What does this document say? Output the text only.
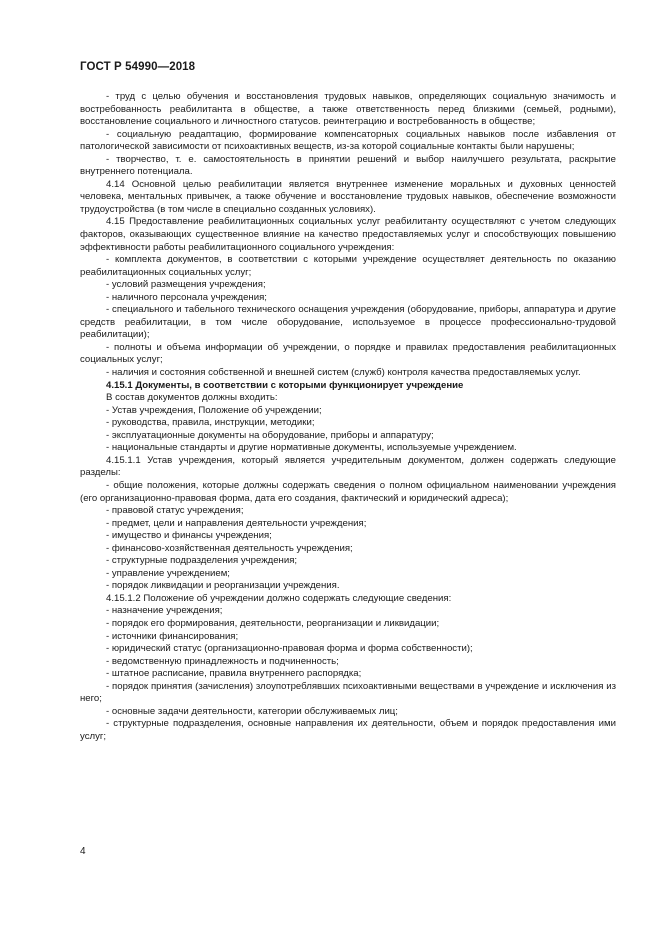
ГОСТ Р 54990—2018

- труд с целью обучения и восстановления трудовых навыков, определяющих социальную значимость и востребованность реабилитанта в обществе, а также ответственность перед близкими (семьей, родными), восстановление социального и личностного статусов. реинтеграцию и востребованность в обществе;

- социальную реадаптацию, формирование компенсаторных социальных навыков после избавления от патологической зависимости от психоактивных веществ, из-за которой социальные контакты были нарушены;

- творчество, т. е. самостоятельность в принятии решений и выбор наилучшего результата, раскрытие внутреннего потенциала.

4.14 Основной целью реабилитации является внутреннее изменение моральных и духовных ценностей человека, ментальных привычек, а также обучение и восстановление трудовых навыков, обеспечение возможности трудоустройства (в том числе в специально созданных условиях).

4.15 Предоставление реабилитационных социальных услуг реабилитанту осуществляют с учетом следующих факторов, оказывающих существенное влияние на качество предоставляемых услуг и способствующих повышению эффективности работы реабилитационного социального учреждения:

- комплекта документов, в соответствии с которыми учреждение осуществляет деятельность по оказанию реабилитационных социальных услуг;

- условий размещения учреждения;

- наличного персонала учреждения;

- специального и табельного технического оснащения учреждения (оборудование, приборы, аппаратура и другие средств реабилитации, в том числе оборудование, используемое в процессе профессионально-трудовой реабилитации);

- полноты и объема информации об учреждении, о порядке и правилах предоставления реабилитационных социальных услуг;

- наличия и состояния собственной и внешней систем (служб) контроля качества предоставляемых услуг.

4.15.1 Документы, в соответствии с которыми функционирует учреждение

В состав документов должны входить:

- Устав учреждения, Положение об учреждении;

- руководства, правила, инструкции, методики;

- эксплуатационные документы на оборудование, приборы и аппаратуру;

- национальные стандарты и другие нормативные документы, используемые учреждением.

4.15.1.1 Устав учреждения, который является учредительным документом, должен содержать следующие разделы:

- общие положения, которые должны содержать сведения о полном официальном наименовании учреждения (его организационно-правовая форма, дата его создания, фактический и юридический адреса);

- правовой статус учреждения;

- предмет, цели и направления деятельности учреждения;

- имущество и финансы учреждения;

- финансово-хозяйственная деятельность учреждения;

- структурные подразделения учреждения;

- управление учреждением;

- порядок ликвидации и реорганизации учреждения.

4.15.1.2 Положение об учреждении должно содержать следующие сведения:

- назначение учреждения;

- порядок его формирования, деятельности, реорганизации и ликвидации;

- источники финансирования;

- юридический статус (организационно-правовая форма и форма собственности);

- ведомственную принадлежность и подчиненность;

- штатное расписание, правила внутреннего распорядка;

- порядок принятия (зачисления) злоупотреблявших психоактивными веществами в учреждение и исключения из него;

- основные задачи деятельности, категории обслуживаемых лиц;

- структурные подразделения, основные направления их деятельности, объем и порядок предоставления ими услуг;

4
